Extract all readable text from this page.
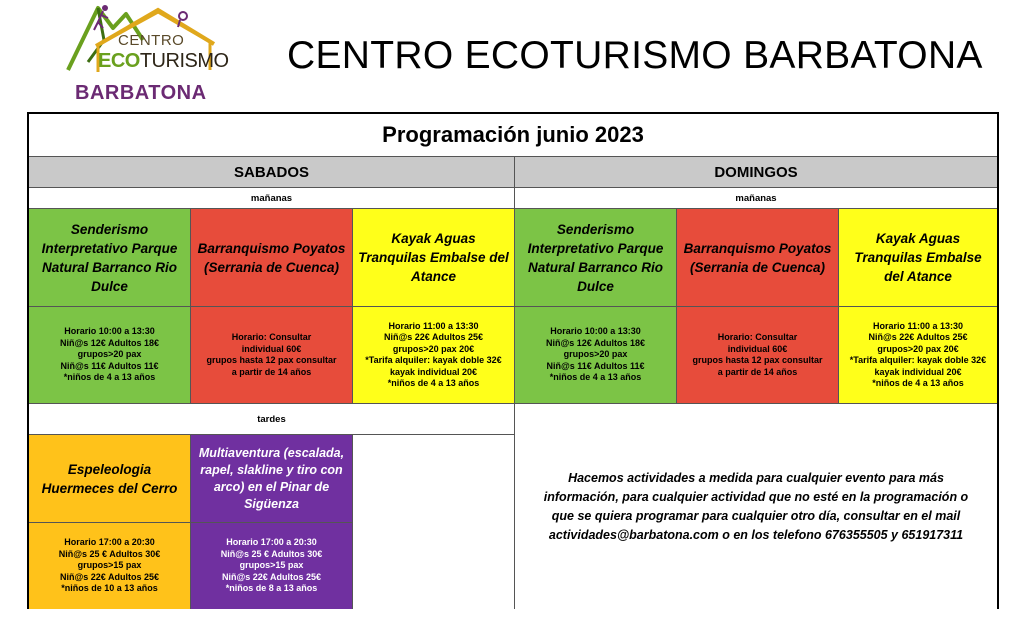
CENTRO
ECOTURISMO
BARBATONA
CENTRO ECOTURISMO BARBATONA
Programación junio 2023
SABADOS	DOMINGOS
mañanas	mañanas
Senderismo Interpretativo Parque Natural Barranco Rio Dulce
Barranquismo Poyatos (Serrania de Cuenca)
Kayak Aguas Tranquilas Embalse del Atance
Senderismo Interpretativo Parque Natural Barranco Rio Dulce
Barranquismo Poyatos (Serrania de Cuenca)
Kayak Aguas Tranquilas Embalse del Atance
Horario 10:00 a 13:30
Niñ@s 12€ Adultos 18€
grupos>20 pax
Niñ@s 11€ Adultos 11€
*niños de 4 a 13 años
Horario: Consultar
individual 60€
grupos hasta 12 pax consultar
a partir de 14 años
Horario 11:00 a 13:30
Niñ@s 22€ Adultos 25€
grupos>20 pax 20€
*Tarifa alquiler: kayak doble 32€
kayak individual 20€
*niños de 4 a 13 años
Horario 10:00 a 13:30
Niñ@s 12€ Adultos 18€
grupos>20 pax
Niñ@s 11€ Adultos 11€
*niños de 4 a 13 años
Horario: Consultar
individual 60€
grupos hasta 12 pax consultar
a partir de 14 años
Horario 11:00 a 13:30
Niñ@s 22€ Adultos 25€
grupos>20 pax 20€
*Tarifa alquiler: kayak doble 32€
kayak individual 20€
*niños de 4 a 13 años
tardes
Espeleologia Huermeces del Cerro
Multiaventura (escalada, rapel, slakline y tiro con arco) en el Pinar de Sigüenza
Horario 17:00 a 20:30
Niñ@s 25 € Adultos 30€
grupos>15 pax
Niñ@s 22€ Adultos 25€
*niños de 10 a 13 años
Horario 17:00 a 20:30
Niñ@s 25 € Adultos 30€
grupos>15 pax
Niñ@s 22€ Adultos 25€
*niños de 8 a 13 años
Hacemos actividades a medida para cualquier evento para más información, para cualquier actividad que no esté en la programación o que se quiera programar para cualquier otro día, consultar en el mail actividades@barbatona.com o en los telefono 676355505 y 651917311
